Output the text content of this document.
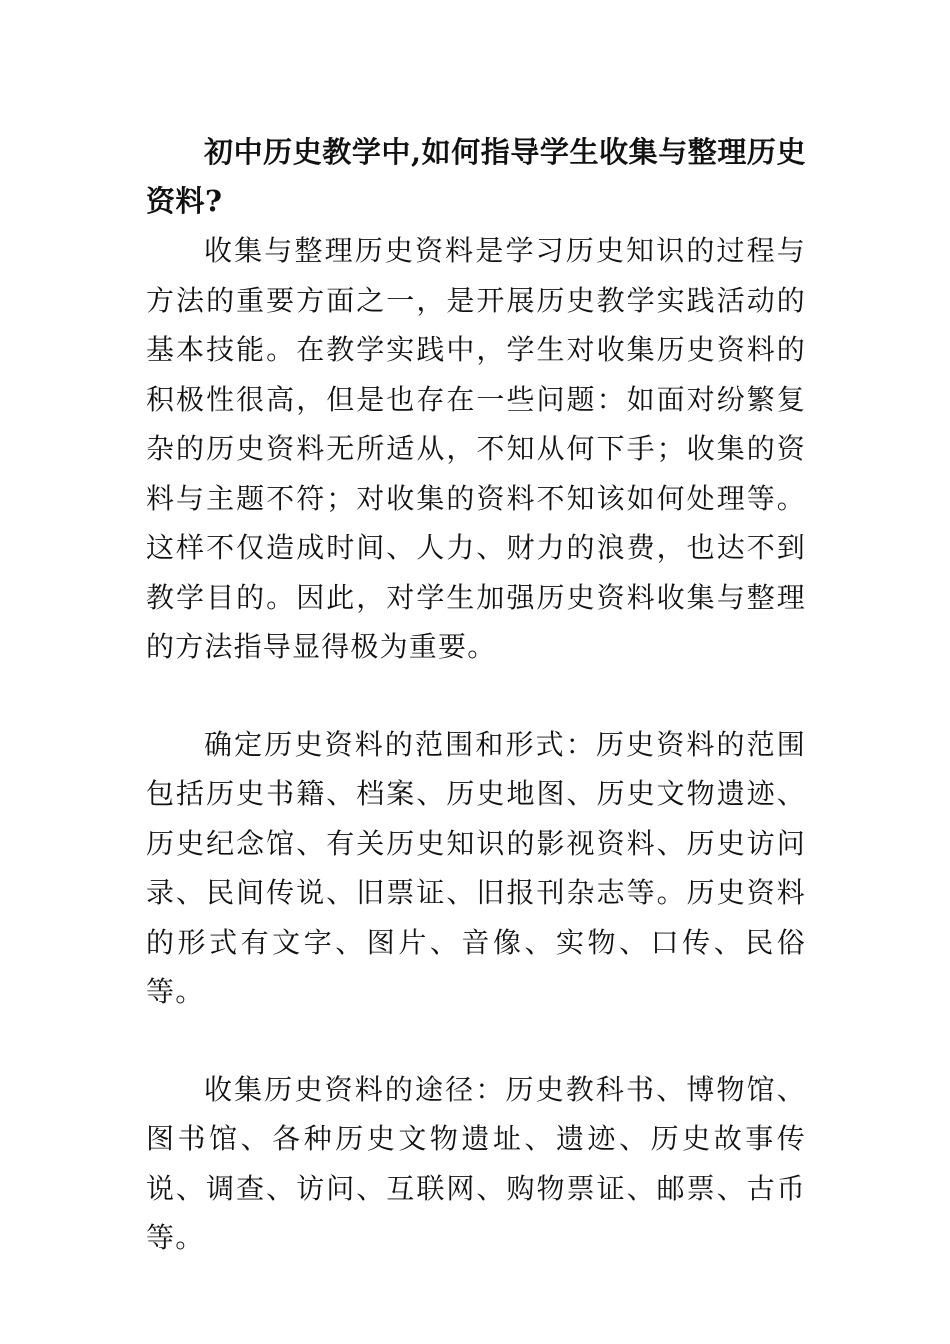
初中历史教学中,如何指导学生收集与整理历史资料?

收集与整理历史资料是学习历史知识的过程与方法的重要方面之一，是开展历史教学实践活动的基本技能。在教学实践中，学生对收集历史资料的积极性很高，但是也存在一些问题：如面对纷繁复杂的历史资料无所适从，不知从何下手；收集的资料与主题不符；对收集的资料不知该如何处理等。这样不仅造成时间、人力、财力的浪费，也达不到教学目的。因此，对学生加强历史资料收集与整理的方法指导显得极为重要。

确定历史资料的范围和形式：历史资料的范围包括历史书籍、档案、历史地图、历史文物遗迹、历史纪念馆、有关历史知识的影视资料、历史访问录、民间传说、旧票证、旧报刊杂志等。历史资料的形式有文字、图片、音像、实物、口传、民俗等。

收集历史资料的途径：历史教科书、博物馆、图书馆、各种历史文物遗址、遗迹、历史故事传说、调查、访问、互联网、购物票证、邮票、古币等。
